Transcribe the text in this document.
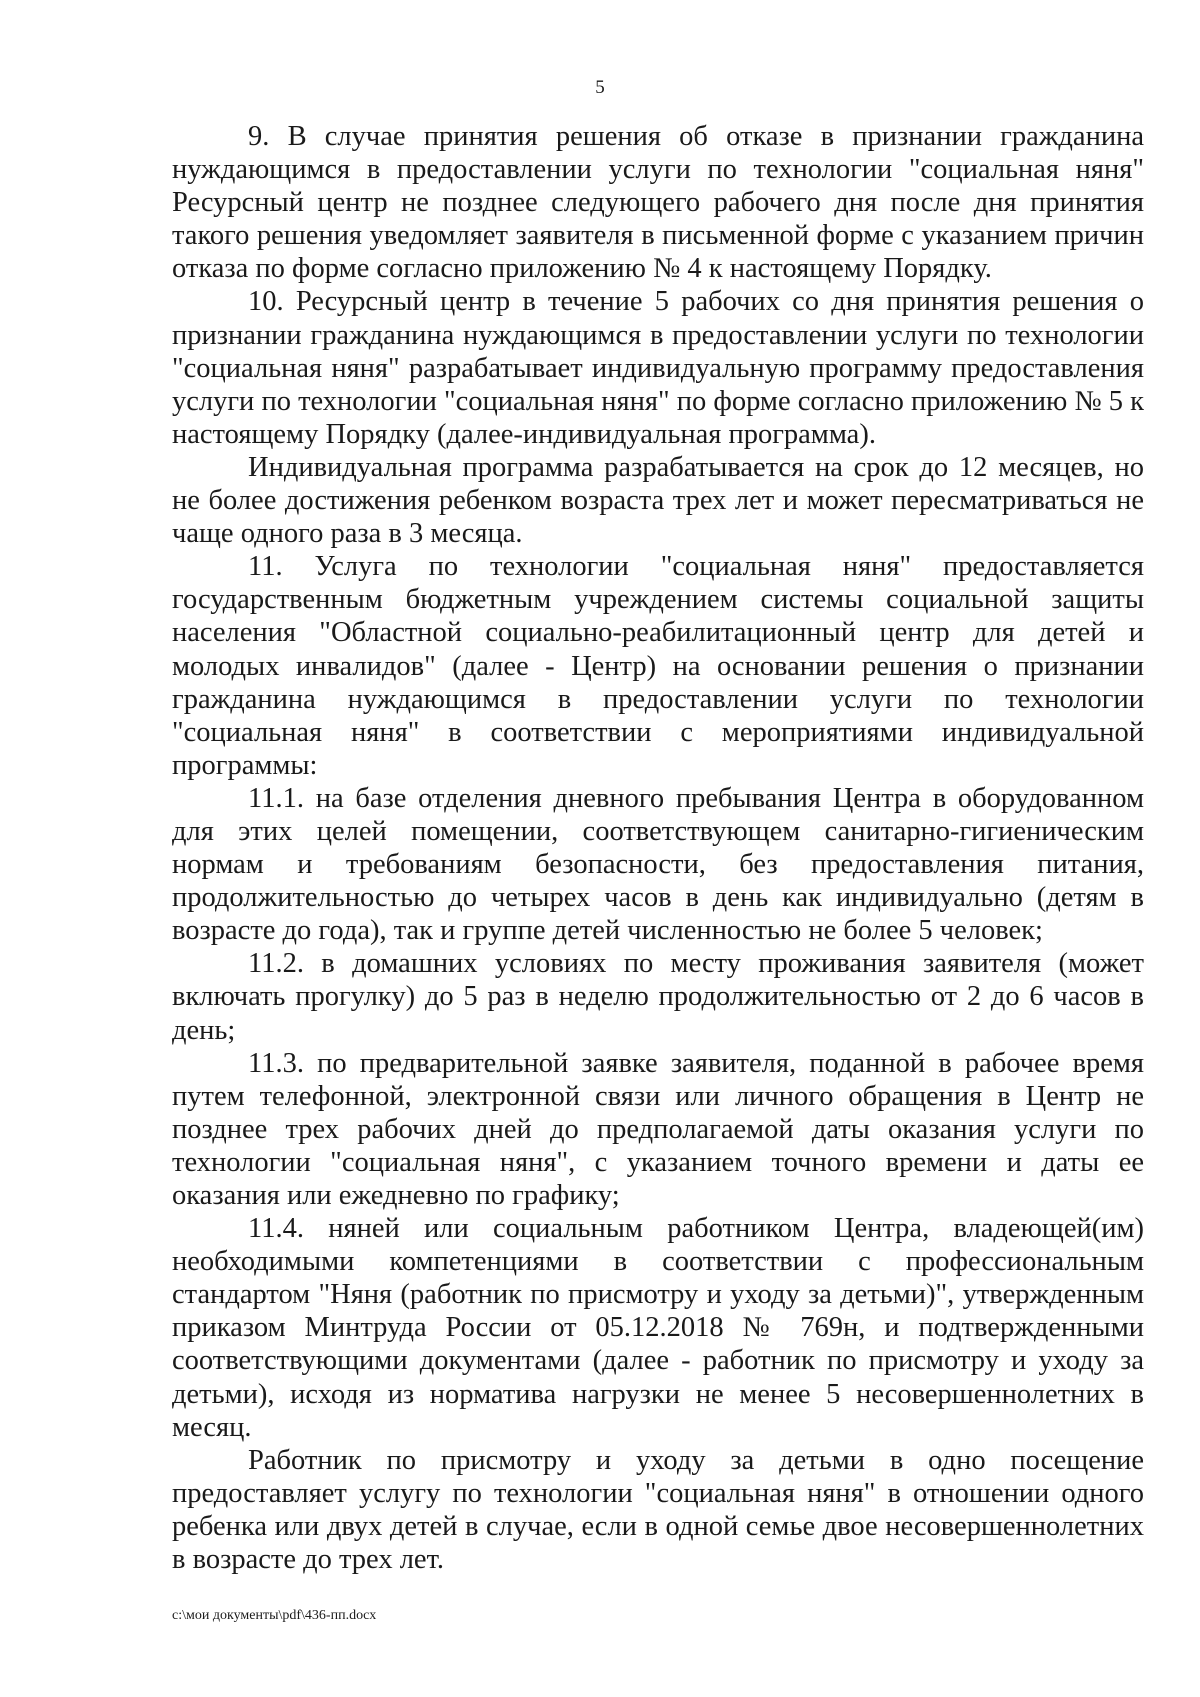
5

9. В случае принятия решения об отказе в признании гражданина нуждающимся в предоставлении услуги по технологии "социальная няня" Ресурсный центр не позднее следующего рабочего дня после дня принятия такого решения уведомляет заявителя в письменной форме с указанием причин отказа по форме согласно приложению № 4 к настоящему Порядку.

10. Ресурсный центр в течение 5 рабочих со дня принятия решения о признании гражданина нуждающимся в предоставлении услуги по технологии "социальная няня" разрабатывает индивидуальную программу предоставления услуги по технологии "социальная няня" по форме согласно приложению № 5 к настоящему Порядку (далее-индивидуальная программа).

Индивидуальная программа разрабатывается на срок до 12 месяцев, но не более достижения ребенком возраста трех лет и может пересматриваться не чаще одного раза в 3 месяца.

11. Услуга по технологии "социальная няня" предоставляется государственным бюджетным учреждением системы социальной защиты населения "Областной социально-реабилитационный центр для детей и молодых инвалидов" (далее - Центр) на основании решения о признании гражданина нуждающимся в предоставлении услуги по технологии "социальная няня" в соответствии с мероприятиями индивидуальной программы:

11.1. на базе отделения дневного пребывания Центра в оборудованном для этих целей помещении, соответствующем санитарно-гигиеническим нормам и требованиям безопасности, без предоставления питания, продолжительностью до четырех часов в день как индивидуально (детям в возрасте до года), так и группе детей численностью не более 5 человек;

11.2. в домашних условиях по месту проживания заявителя (может включать прогулку) до 5 раз в неделю продолжительностью от 2 до 6 часов в день;

11.3. по предварительной заявке заявителя, поданной в рабочее время путем телефонной, электронной связи или личного обращения в Центр не позднее трех рабочих дней до предполагаемой даты оказания услуги по технологии "социальная няня", с указанием точного времени и даты ее оказания или ежедневно по графику;

11.4. няней или социальным работником Центра, владеющей(им) необходимыми компетенциями в соответствии с профессиональным стандартом "Няня (работник по присмотру и уходу за детьми)", утвержденным приказом Минтруда России от 05.12.2018 № 769н, и подтвержденными соответствующими документами (далее - работник по присмотру и уходу за детьми), исходя из норматива нагрузки не менее 5 несовершеннолетних в месяц.

Работник по присмотру и уходу за детьми в одно посещение предоставляет услугу по технологии "социальная няня" в отношении одного ребенка или двух детей в случае, если в одной семье двое несовершеннолетних в возрасте до трех лет.

c:\мои документы\pdf\436-пп.docx
